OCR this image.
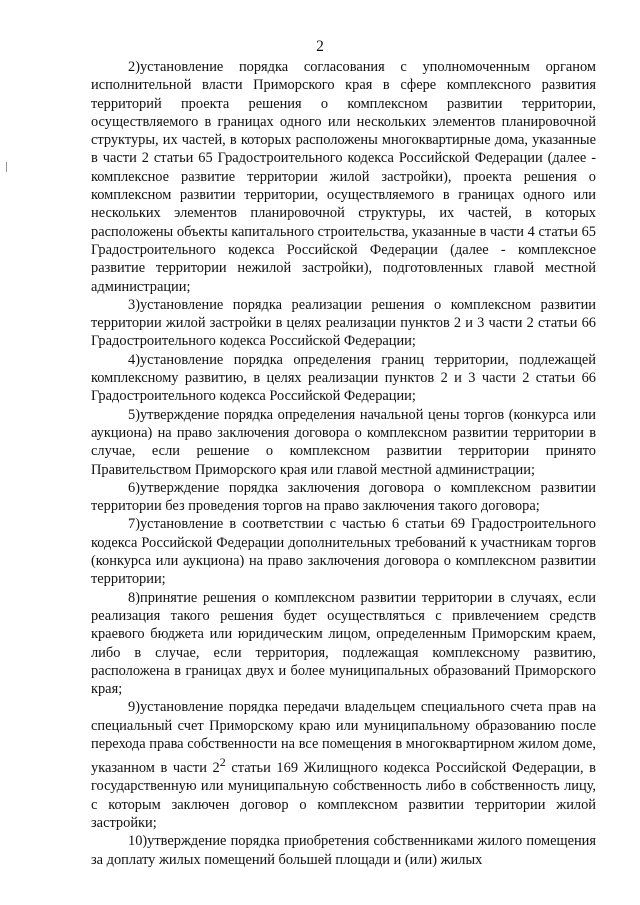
2

2)установление порядка согласования с уполномоченным органом исполнительной власти Приморского края в сфере комплексного развития территорий проекта решения о комплексном развитии территории, осуществляемого в границах одного или нескольких элементов планировочной структуры, их частей, в которых расположены многоквартирные дома, указанные в части 2 статьи 65 Градостроительного кодекса Российской Федерации (далее - комплексное развитие территории жилой застройки), проекта решения о комплексном развитии территории, осуществляемого в границах одного или нескольких элементов планировочной структуры, их частей, в которых расположены объекты капитального строительства, указанные в части 4 статьи 65 Градостроительного кодекса Российской Федерации (далее - комплексное развитие территории нежилой застройки), подготовленных главой местной администрации;

3)установление порядка реализации решения о комплексном развитии территории жилой застройки в целях реализации пунктов 2 и 3 части 2 статьи 66 Градостроительного кодекса Российской Федерации;

4)установление порядка определения границ территории, подлежащей комплексному развитию, в целях реализации пунктов 2 и 3 части 2 статьи 66 Градостроительного кодекса Российской Федерации;

5)утверждение порядка определения начальной цены торгов (конкурса или аукциона) на право заключения договора о комплексном развитии территории в случае, если решение о комплексном развитии территории принято Правительством Приморского края или главой местной администрации;

6)утверждение порядка заключения договора о комплексном развитии территории без проведения торгов на право заключения такого договора;

7)установление в соответствии с частью 6 статьи 69 Градостроительного кодекса Российской Федерации дополнительных требований к участникам торгов (конкурса или аукциона) на право заключения договора о комплексном развитии территории;

8)принятие решения о комплексном развитии территории в случаях, если реализация такого решения будет осуществляться с привлечением средств краевого бюджета или юридическим лицом, определенным Приморским краем, либо в случае, если территория, подлежащая комплексному развитию, расположена в границах двух и более муниципальных образований Приморского края;

9)установление порядка передачи владельцем специального счета прав на специальный счет Приморскому краю или муниципальному образованию после перехода права собственности на все помещения в многоквартирном жилом доме, указанном в части $2^2$ статьи 169 Жилищного кодекса Российской Федерации, в государственную или муниципальную собственность либо в собственность лицу, с которым заключен договор о комплексном развитии территории жилой застройки;

10)утверждение порядка приобретения собственниками жилого помещения за доплату жилых помещений большей площади и (или) жилых
